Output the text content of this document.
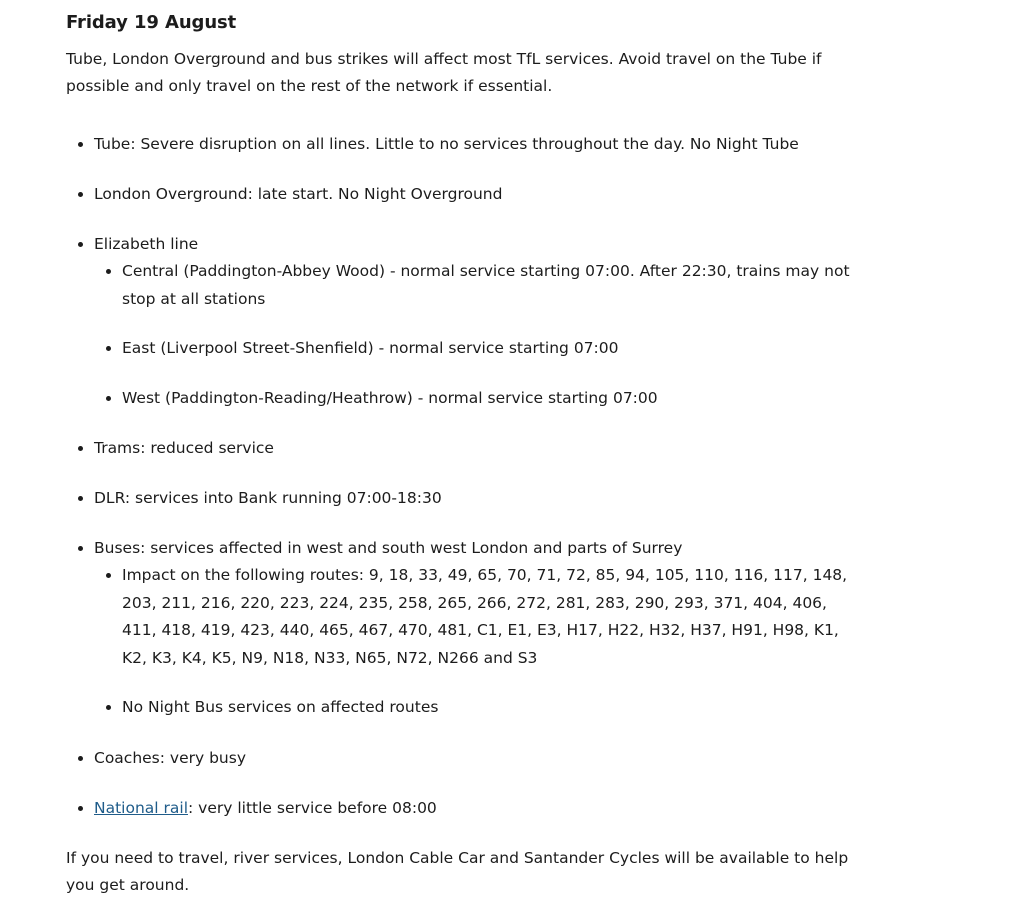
Friday 19 August

Tube, London Overground and bus strikes will affect most TfL services. Avoid travel on the Tube if possible and only travel on the rest of the network if essential.

• Tube: Severe disruption on all lines. Little to no services throughout the day. No Night Tube
• London Overground: late start. No Night Overground
• Elizabeth line
• Central (Paddington-Abbey Wood) - normal service starting 07:00. After 22:30, trains may not stop at all stations
• East (Liverpool Street-Shenfield) - normal service starting 07:00
• West (Paddington-Reading/Heathrow) - normal service starting 07:00
• Trams: reduced service
• DLR: services into Bank running 07:00-18:30
• Buses: services affected in west and south west London and parts of Surrey
• Impact on the following routes: 9, 18, 33, 49, 65, 70, 71, 72, 85, 94, 105, 110, 116, 117, 148, 203, 211, 216, 220, 223, 224, 235, 258, 265, 266, 272, 281, 283, 290, 293, 371, 404, 406, 411, 418, 419, 423, 440, 465, 467, 470, 481, C1, E1, E3, H17, H22, H32, H37, H91, H98, K1, K2, K3, K4, K5, N9, N18, N33, N65, N72, N266 and S3
• No Night Bus services on affected routes
• Coaches: very busy
• National rail: very little service before 08:00

If you need to travel, river services, London Cable Car and Santander Cycles will be available to help you get around.
